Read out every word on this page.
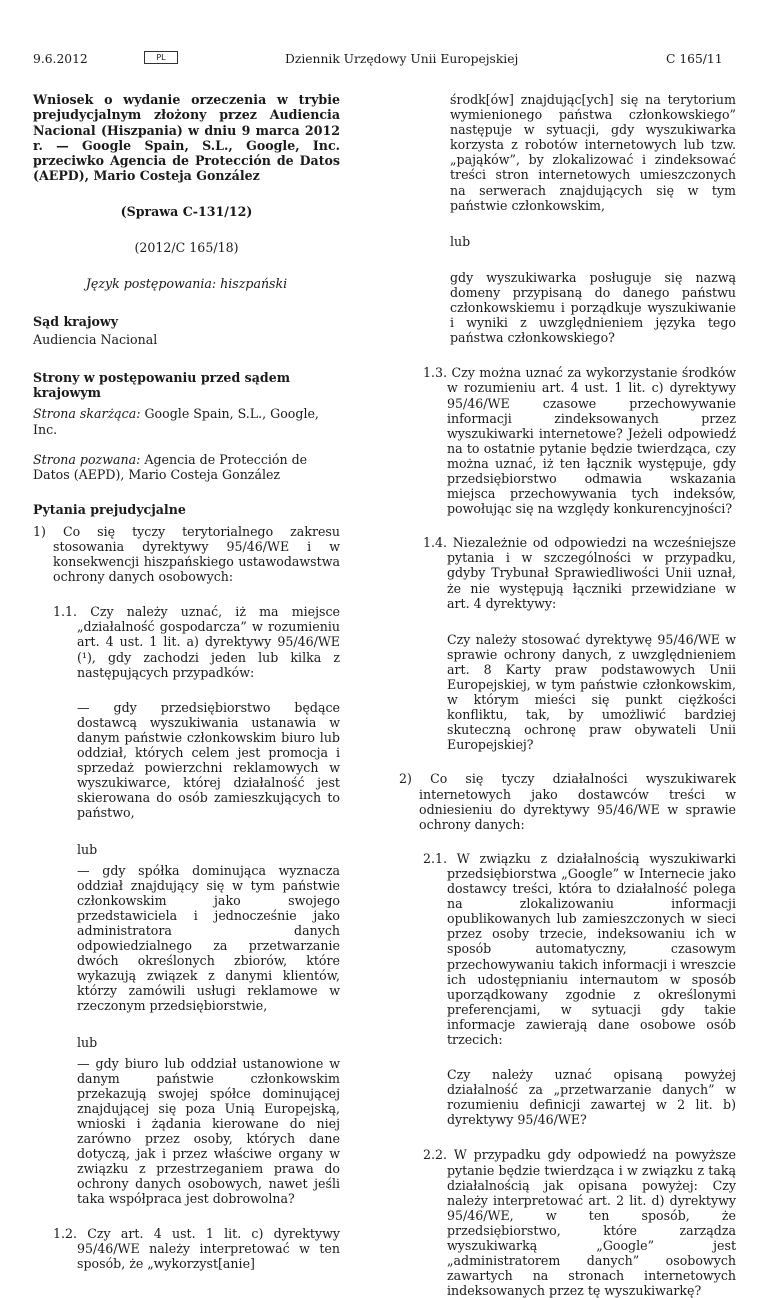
9.6.2012	PL	Dziennik Urzędowy Unii Europejskiej	C 165/11

Wniosek o wydanie orzeczenia w trybie prejudycjalnym złożony przez Audiencia Nacional (Hiszpania) w dniu 9 marca 2012 r. — Google Spain, S.L., Google, Inc. przeciwko Agencia de Protección de Datos (AEPD), Mario Costeja González

(Sprawa C-131/12)

(2012/C 165/18)

Język postępowania: hiszpański

Sąd krajowy

Audiencia Nacional

Strony w postępowaniu przed sądem krajowym

Strona skarżąca: Google Spain, S.L., Google, Inc.

Strona pozwana: Agencia de Protección de Datos (AEPD), Mario Costeja González

Pytania prejudycjalne

1) Co się tyczy terytorialnego zakresu stosowania dyrektywy 95/46/WE i w konsekwencji hiszpańskiego ustawodawstwa ochrony danych osobowych:

1.1. Czy należy uznać, iż ma miejsce „działalność gospodarcza” w rozumieniu art. 4 ust. 1 lit. a) dyrektywy 95/46/WE (¹), gdy zachodzi jeden lub kilka z następujących przypadków:

— gdy przedsiębiorstwo będące dostawcą wyszukiwania ustanawia w danym państwie członkowskim biuro lub oddział, których celem jest promocja i sprzedaż powierzchni reklamowych w wyszukiwarce, której działalność jest skierowana do osób zamieszkujących to państwo,

lub

— gdy spółka dominująca wyznacza oddział znajdujący się w tym państwie członkowskim jako swojego przedstawiciela i jednocześnie jako administratora danych odpowiedzialnego za przetwarzanie dwóch określonych zbiorów, które wykazują związek z danymi klientów, którzy zamówili usługi reklamowe w rzeczonym przedsiębiorstwie,

lub

— gdy biuro lub oddział ustanowione w danym państwie członkowskim przekazują swojej spółce dominującej znajdującej się poza Unią Europejską, wnioski i żądania kierowane do niej zarówno przez osoby, których dane dotyczą, jak i przez właściwe organy w związku z przestrzeganiem prawa do ochrony danych osobowych, nawet jeśli taka współpraca jest dobrowolna?

1.2. Czy art. 4 ust. 1 lit. c) dyrektywy 95/46/WE należy interpretować w ten sposób, że „wykorzyst[anie]

środk[ów] znajdując[ych] się na terytorium wymienionego państwa członkowskiego” następuje w sytuacji, gdy wyszukiwarka korzysta z robotów internetowych lub tzw. „pająków”, by zlokalizować i zindeksować treści stron internetowych umieszczonych na serwerach znajdujących się w tym państwie członkowskim,

lub

gdy wyszukiwarka posługuje się nazwą domeny przypisaną do danego państwu członkowskiemu i porządkuje wyszukiwanie i wyniki z uwzględnieniem języka tego państwa członkowskiego?

1.3. Czy można uznać za wykorzystanie środków w rozumieniu art. 4 ust. 1 lit. c) dyrektywy 95/46/WE czasowe przechowywanie informacji zindeksowanych przez wyszukiwarki internetowe? Jeżeli odpowiedź na to ostatnie pytanie będzie twierdząca, czy można uznać, iż ten łącznik występuje, gdy przedsiębiorstwo odmawia wskazania miejsca przechowywania tych indeksów, powołując się na względy konkurencyjności?

1.4. Niezależnie od odpowiedzi na wcześniejsze pytania i w szczególności w przypadku, gdyby Trybunał Sprawiedliwości Unii uznał, że nie występują łączniki przewidziane w art. 4 dyrektywy:

Czy należy stosować dyrektywę 95/46/WE w sprawie ochrony danych, z uwzględnieniem art. 8 Karty praw podstawowych Unii Europejskiej, w tym państwie członkowskim, w którym mieści się punkt ciężkości konfliktu, tak, by umożliwić bardziej skuteczną ochronę praw obywateli Unii Europejskiej?

2) Co się tyczy działalności wyszukiwarek internetowych jako dostawców treści w odniesieniu do dyrektywy 95/46/WE w sprawie ochrony danych:

2.1. W związku z działalnością wyszukiwarki przedsiębiorstwa „Google” w Internecie jako dostawcy treści, która to działalność polega na zlokalizowaniu informacji opublikowanych lub zamieszczonych w sieci przez osoby trzecie, indeksowaniu ich w sposób automatyczny, czasowym przechowywaniu takich informacji i wreszcie ich udostępnianiu internautom w sposób uporządkowany zgodnie z określonymi preferencjami, w sytuacji gdy takie informacje zawierają dane osobowe osób trzecich:

Czy należy uznać opisaną powyżej działalność za „przetwarzanie danych” w rozumieniu definicji zawartej w 2 lit. b) dyrektywy 95/46/WE?

2.2. W przypadku gdy odpowiedź na powyższe pytanie będzie twierdząca i w związku z taką działalnością jak opisana powyżej: Czy należy interpretować art. 2 lit. d) dyrektywy 95/46/WE, w ten sposób, że przedsiębiorstwo, które zarządza wyszukiwarką „Google” jest „administratorem danych” osobowych zawartych na stronach internetowych indeksowanych przez tę wyszukiwarkę?
